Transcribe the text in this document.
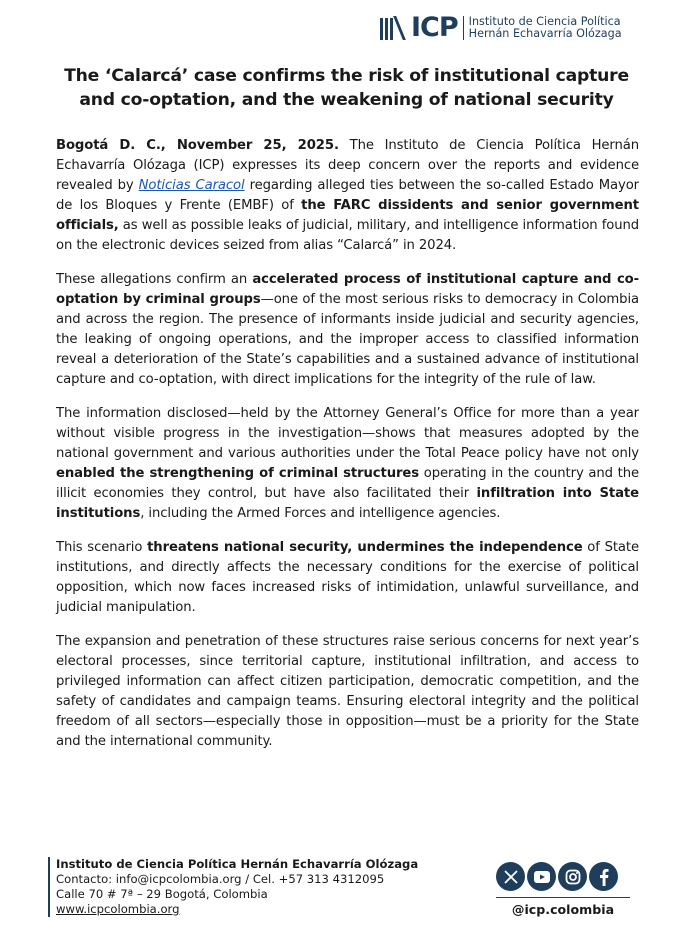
ICP Instituto de Ciencia Política
Hernán Echavarría Olózaga
The ‘Calarcá’ case confirms the risk of institutional capture
and co-optation, and the weakening of national security

Bogotá D. C., November 25, 2025. The Instituto de Ciencia Política Hernán Echavarría Olózaga (ICP) expresses its deep concern over the reports and evidence revealed by Noticias Caracol regarding alleged ties between the so-called Estado Mayor de los Bloques y Frente (EMBF) of the FARC dissidents and senior government officials, as well as possible leaks of judicial, military, and intelligence information found on the electronic devices seized from alias “Calarcá” in 2024.

These allegations confirm an accelerated process of institutional capture and co-optation by criminal groups—one of the most serious risks to democracy in Colombia and across the region. The presence of informants inside judicial and security agencies, the leaking of ongoing operations, and the improper access to classified information reveal a deterioration of the State’s capabilities and a sustained advance of institutional capture and co-optation, with direct implications for the integrity of the rule of law.

The information disclosed—held by the Attorney General’s Office for more than a year without visible progress in the investigation—shows that measures adopted by the national government and various authorities under the Total Peace policy have not only enabled the strengthening of criminal structures operating in the country and the illicit economies they control, but have also facilitated their infiltration into State institutions, including the Armed Forces and intelligence agencies.

This scenario threatens national security, undermines the independence of State institutions, and directly affects the necessary conditions for the exercise of political opposition, which now faces increased risks of intimidation, unlawful surveillance, and judicial manipulation.

The expansion and penetration of these structures raise serious concerns for next year’s electoral processes, since territorial capture, institutional infiltration, and access to privileged information can affect citizen participation, democratic competition, and the safety of candidates and campaign teams. Ensuring electoral integrity and the political freedom of all sectors—especially those in opposition—must be a priority for the State and the international community.

Instituto de Ciencia Política Hernán Echavarría Olózaga
Contacto: info@icpcolombia.org / Cel. +57 313 4312095
Calle 70 # 7ª – 29 Bogotá, Colombia
www.icpcolombia.org	@icp.colombia
